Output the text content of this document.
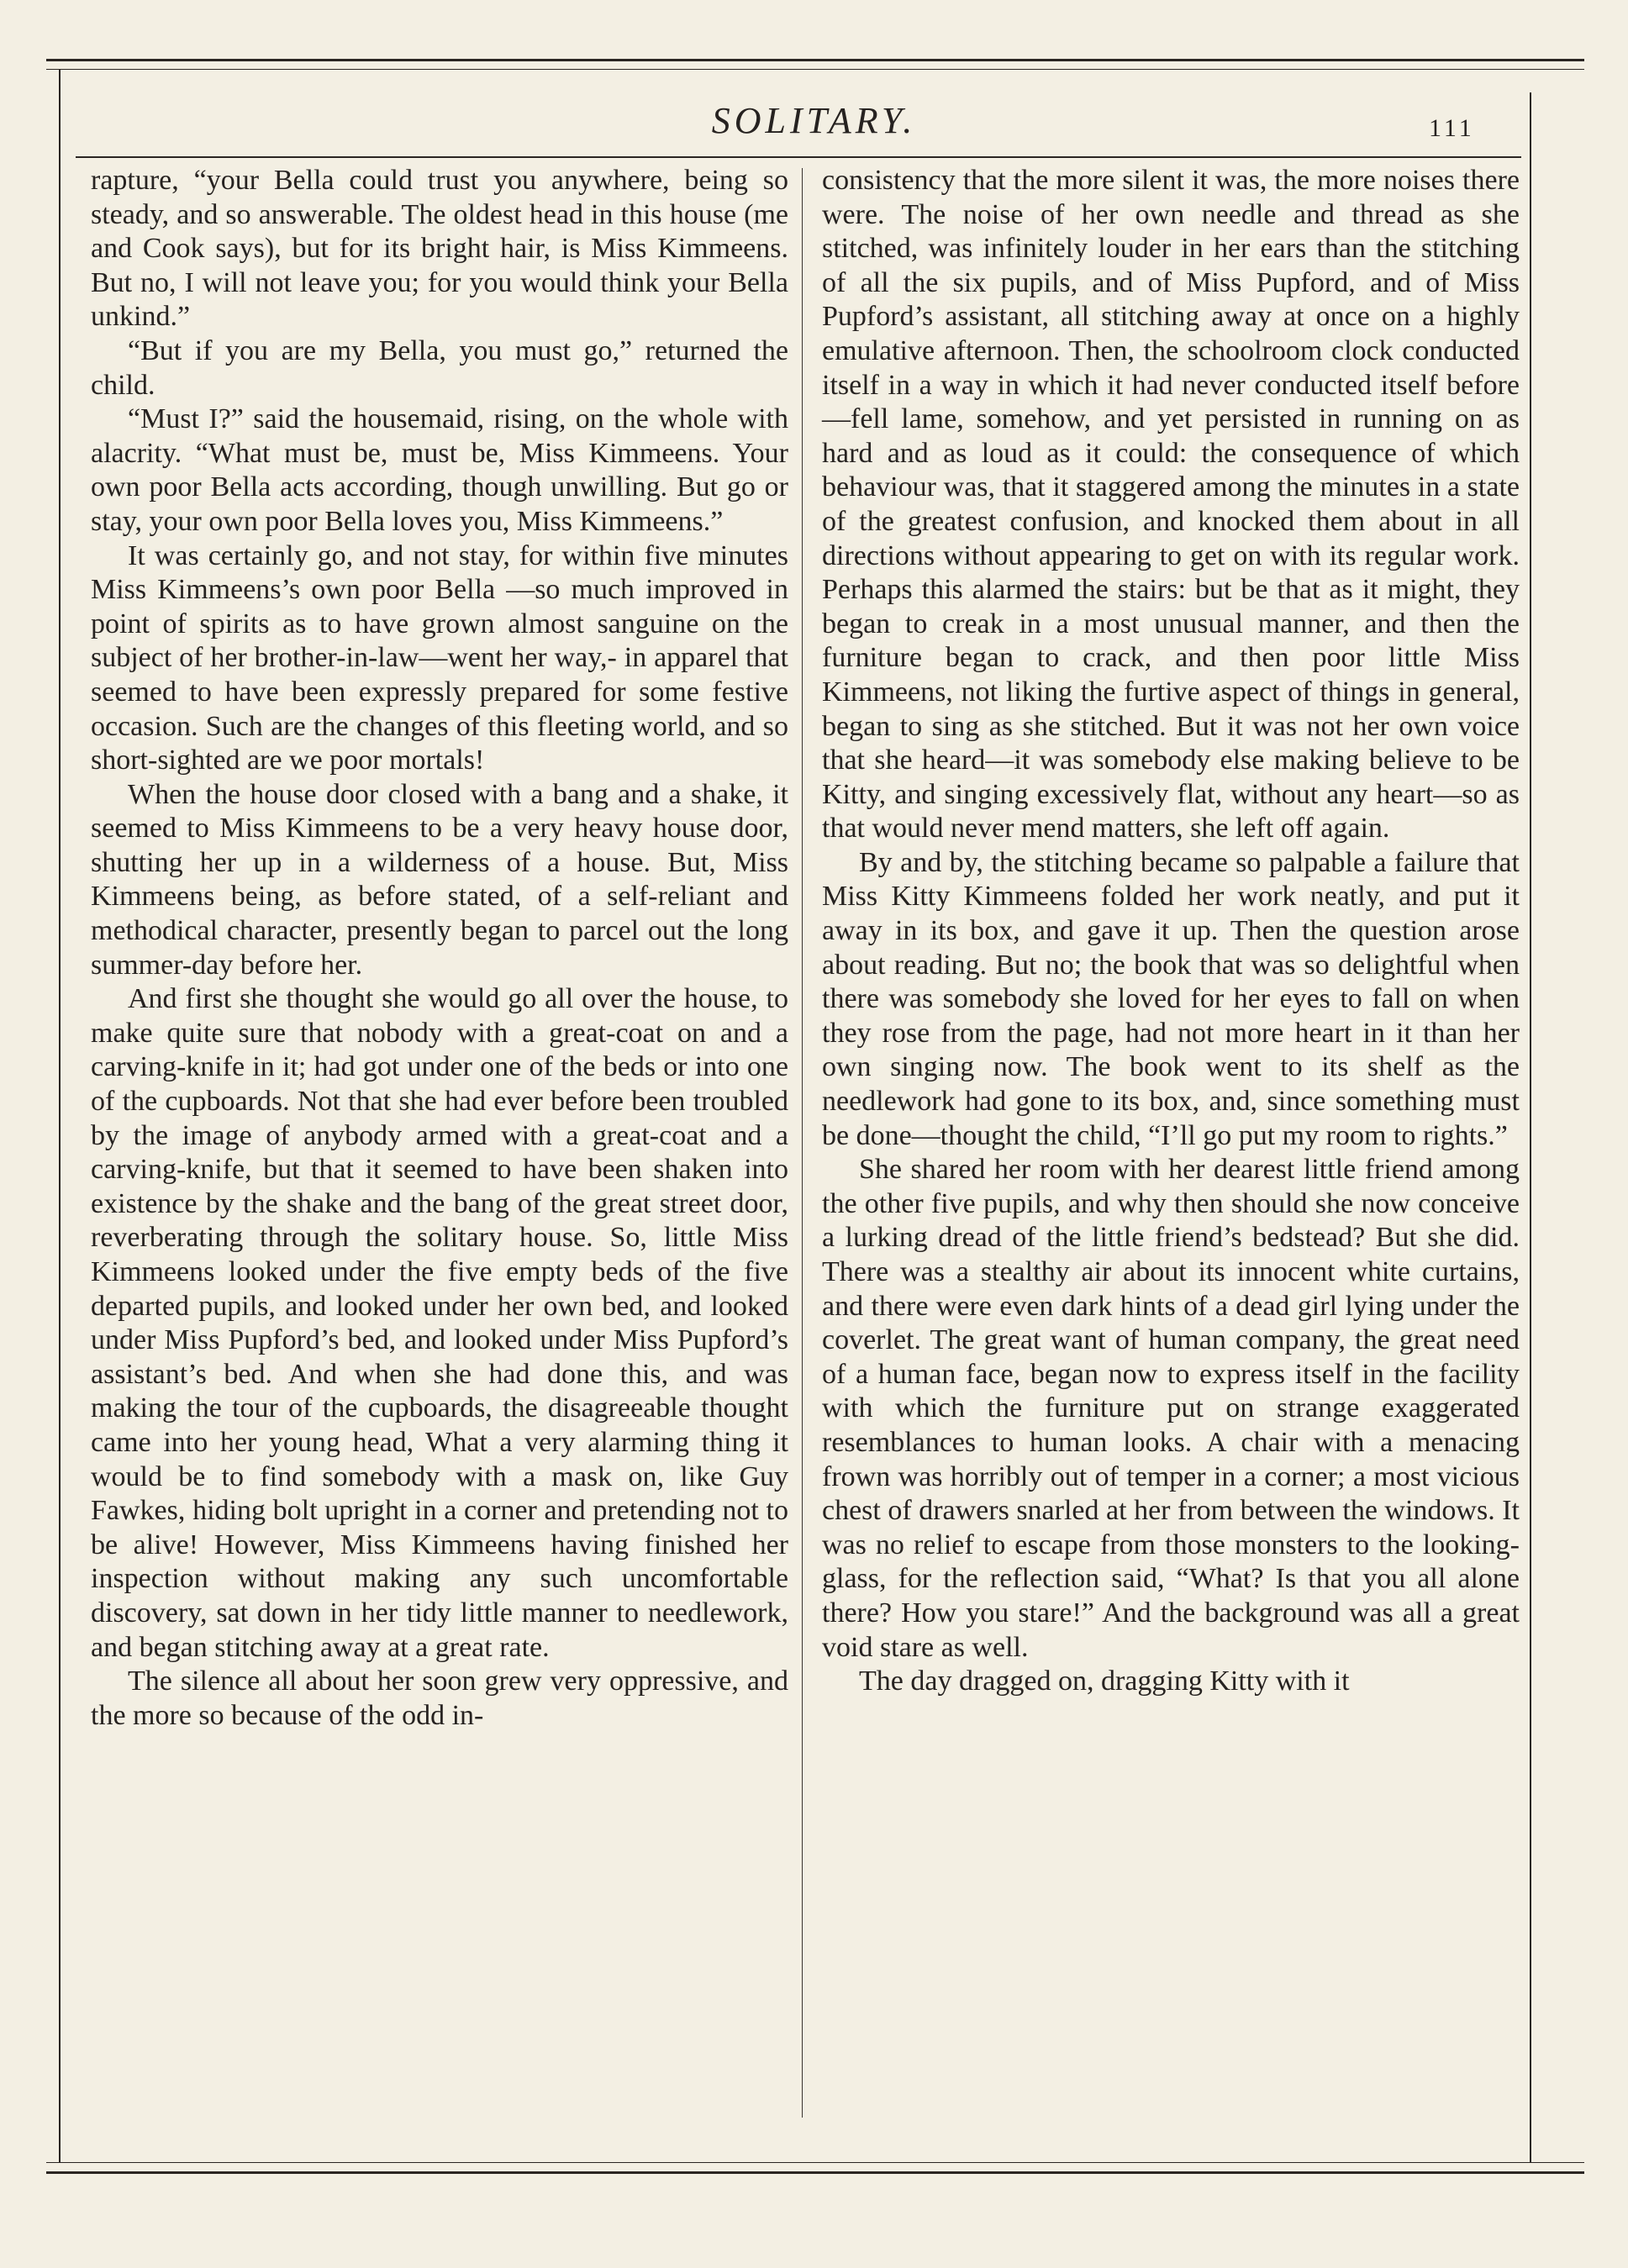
SOLITARY.	111

rapture, “your Bella could trust you anywhere, being so steady, and so answerable. The oldest head in this house (me and Cook says), but for its bright hair, is Miss Kimmeens. But no, I will not leave you; for you would think your Bella unkind.”

“But if you are my Bella, you must go,” returned the child.

“Must I?” said the housemaid, rising, on the whole with alacrity. “What must be, must be, Miss Kimmeens. Your own poor Bella acts according, though unwilling. But go or stay, your own poor Bella loves you, Miss Kimmeens.”

It was certainly go, and not stay, for within five minutes Miss Kimmeens’s own poor Bella —so much improved in point of spirits as to have grown almost sanguine on the subject of her brother-in-law—went her way,- in apparel that seemed to have been expressly prepared for some festive occasion. Such are the changes of this fleeting world, and so short-sighted are we poor mortals!

When the house door closed with a bang and a shake, it seemed to Miss Kimmeens to be a very heavy house door, shutting her up in a wilderness of a house. But, Miss Kimmeens being, as before stated, of a self-reliant and methodical character, presently began to parcel out the long summer-day before her.

And first she thought she would go all over the house, to make quite sure that nobody with a great-coat on and a carving-knife in it; had got under one of the beds or into one of the cupboards. Not that she had ever before been troubled by the image of anybody armed with a great-coat and a carving-knife, but that it seemed to have been shaken into existence by the shake and the bang of the great street door, reverberating through the solitary house. So, little Miss Kimmeens looked under the five empty beds of the five departed pupils, and looked under her own bed, and looked under Miss Pupford’s bed, and looked under Miss Pupford’s assistant’s bed. And when she had done this, and was making the tour of the cupboards, the disagreeable thought came into her young head, What a very alarming thing it would be to find somebody with a mask on, like Guy Fawkes, hiding bolt upright in a corner and pretending not to be alive! However, Miss Kimmeens having finished her inspection without making any such uncomfortable discovery, sat down in her tidy little manner to needlework, and began stitching away at a great rate.

The silence all about her soon grew very oppressive, and the more so because of the odd in-

consistency that the more silent it was, the more noises there were. The noise of her own needle and thread as she stitched, was infinitely louder in her ears than the stitching of all the six pupils, and of Miss Pupford, and of Miss Pupford’s assistant, all stitching away at once on a highly emulative afternoon. Then, the schoolroom clock conducted itself in a way in which it had never conducted itself before—fell lame, somehow, and yet persisted in running on as hard and as loud as it could: the consequence of which behaviour was, that it staggered among the minutes in a state of the greatest confusion, and knocked them about in all directions without appearing to get on with its regular work. Perhaps this alarmed the stairs: but be that as it might, they began to creak in a most unusual manner, and then the furniture began to crack, and then poor little Miss Kimmeens, not liking the furtive aspect of things in general, began to sing as she stitched. But it was not her own voice that she heard—it was somebody else making believe to be Kitty, and singing excessively flat, without any heart—so as that would never mend matters, she left off again.

By and by, the stitching became so palpable a failure that Miss Kitty Kimmeens folded her work neatly, and put it away in its box, and gave it up. Then the question arose about reading. But no; the book that was so delightful when there was somebody she loved for her eyes to fall on when they rose from the page, had not more heart in it than her own singing now. The book went to its shelf as the needlework had gone to its box, and, since something must be done—thought the child, “I’ll go put my room to rights.”

She shared her room with her dearest little friend among the other five pupils, and why then should she now conceive a lurking dread of the little friend’s bedstead? But she did. There was a stealthy air about its innocent white curtains, and there were even dark hints of a dead girl lying under the coverlet. The great want of human company, the great need of a human face, began now to express itself in the facility with which the furniture put on strange exaggerated resemblances to human looks. A chair with a menacing frown was horribly out of temper in a corner; a most vicious chest of drawers snarled at her from between the windows. It was no relief to escape from those monsters to the looking-glass, for the reflection said, “What? Is that you all alone there? How you stare!” And the background was all a great void stare as well.

The day dragged on, dragging Kitty with it
